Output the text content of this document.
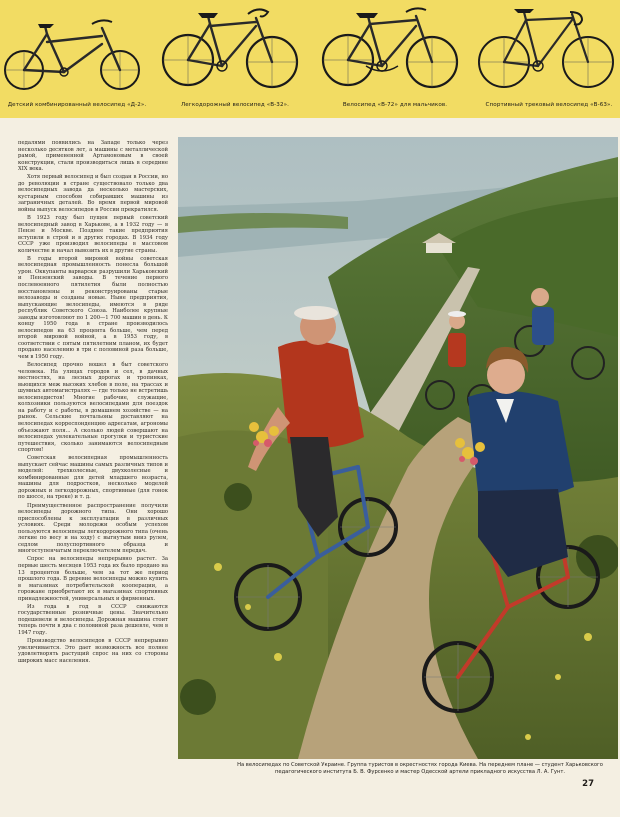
Детский комбинированный велосипед «Д-2».	Легкодорожный велосипед «В-32».	Велосипед «В-72» для мальчиков.	Спортивный трековый велосипед «В-63».

педалями появились на Западе только через несколько десятков лет, а машины с металлической рамой, примененной Артамоновым в своей конструкции, стали производиться лишь в середине XIX века.

Хотя первый велосипед и был создан в России, но до революции в стране существовало только два велосипедных завода да несколько мастерских, кустарным способом собиравших машины из заграничных деталей. Во время первой мировой войны выпуск велосипедов в России прекратился.

В 1923 году был пущен первый советский велосипедный завод в Харькове, а в 1932 году — в Пензе и Москве. Позднее такие предприятия вступили в строй и в других городах. В 1934 году СССР уже производил велосипеды в массовом количестве и начал вывозить их в другие страны.

В годы второй мировой войны советская велосипедная промышленность понесла большой урон. Оккупанты варварски разрушили Харьковский и Пензенский заводы. В течение первого послевоенного пятилетия были полностью восстановлены и реконструированы старые велозаводы и созданы новые. Ныне предприятия, выпускающие велосипеды, имеются в ряде республик Советского Союза. Наиболее крупные заводы изготовляют по 1 200—1 700 машин в день. К концу 1950 года в стране производилось велосипедов на 63 процента больше, чем перед второй мировой войной, а в 1953 году, в соответствии с пятым пятилетним планом, их будет продано населению в три с половиной раза больше, чем в 1950 году.

Велосипед прочно вошел в быт советского человека. На улицах городов и сел, в дачных местностях, на лесных дорогах и тропинках, вьющихся меж высоких хлебов в поле, на трассах и шумных автомагистралях — где только не встретишь велосипедистов! Многие рабочие, служащие, колхозники пользуются велосипедами для поездок на работу и с работы, в домашнем хозяйстве — на рынок. Сельские почтальоны доставляют на велосипедах корреспонденцию адресатам, агрономы объезжают поля... А сколько людей совершают на велосипедах увлекательные прогулки и туристские путешествия, сколько занимаются велосипедным спортом!

Советская велосипедная промышленность выпускает сейчас машины самых различных типов и моделей: трехколесные, двухколесные и комбинированные для детей младшего возраста, машины для подростков, несколько моделей дорожных и легкодорожных, спортивные (для гонок по шоссе, на треке) и т. д.

Преимущественное распространение получили велосипеды дорожного типа. Они хорошо приспособлены к эксплуатации в различных условиях. Среди молодежи особым успехом пользуются велосипеды легкодорожного типа (очень легкие по весу и на ходу) с выгнутым вниз рулем, седлом полуспортивного образца и многоступенчатым переключателем передач.

Спрос на велосипеды непрерывно растет. За первые шесть месяцев 1953 года их было продано на 13 процентов больше, чем за тот же период прошлого года. В деревне велосипеды можно купить в магазинах потребительской кооперации, а горожане приобретают их в магазинах спортивных принадлежностей, универсальных и фирменных.

Из года в год в СССР снижаются государственные розничные цены. Значительно подешевели и велосипеды. Дорожная машина стоит теперь почти в два с половиной раза дешевле, чем в 1947 году.

Производство велосипедов в СССР непрерывно увеличивается. Это дает возможность все полнее удовлетворять растущий спрос на них со стороны широких масс населения.

На велосипедах по Советской Украине. Группа туристов в окрестностях города Киева. На переднем плане — студент Харьковского педагогического института Б. В. Фурсенко и мастер Одесской артели прикладного искусства Л. А. Гунт.
27
